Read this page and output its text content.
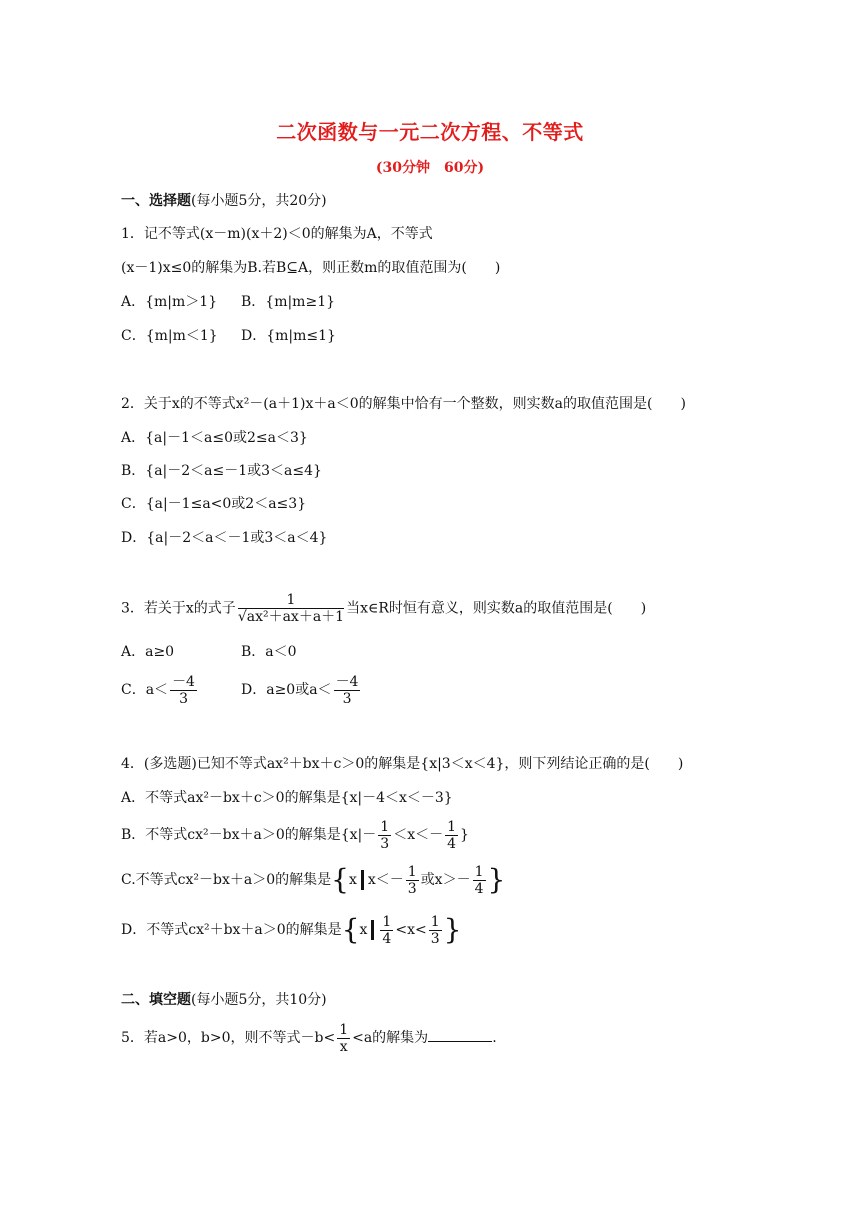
二次函数与一元二次方程、不等式
(30分钟　60分)
一、选择题(每小题5分，共20分)
1．记不等式(x－m)(x＋2)＜0的解集为A，不等式
(x－1)x≤0的解集为B.若B⊆A，则正数m的取值范围为(　　)
A．{m|m＞1} B．{m|m≥1}
C．{m|m＜1} D．{m|m≤1}
2．关于x的不等式x²－(a＋1)x＋a＜0的解集中恰有一个整数，则实数a的取值范围是(　　)
A．{a|－1＜a≤0或2≤a＜3}
B．{a|－2＜a≤－1或3＜a≤4}
C．{a|－1≤a<0或2＜a≤3}
D．{a|－2＜a＜－1或3＜a＜4}
3．若关于x的式子 $\frac{1}{\text{√ax²＋ax＋a＋1}}$ 当x∈R时恒有意义，则实数a的取值范围是(　　)
A．a≥0	B．a＜0
C．$a< \frac{-4}{3}$	D．a≥0或$a< \frac{-4}{3}$
4．(多选题)已知不等式ax²＋bx＋c＞0的解集是{x|3＜x＜4}，则下列结论正确的是(　　)
A．不等式ax²－bx＋c＞0的解集是{x|－4＜x＜－3}
B．不等式cx²－bx＋a＞0的解集是{$x|- \frac{1}{3} <x<- \frac{1}{4}$ }
C.不等式cx²－bx＋a＞0的解集是{x $x<- \frac{1}{3}$ 或$x>- \frac{1}{4}$ }
D．不等式cx²＋bx＋a＞0的解集是{$x \frac{1}{4} <x< \frac{1}{3}$ }
二、填空题(每小题5分，共10分)
5．若a>0，b>0，则不等式$-b< \frac{1}{x} <a$的解集为	.
